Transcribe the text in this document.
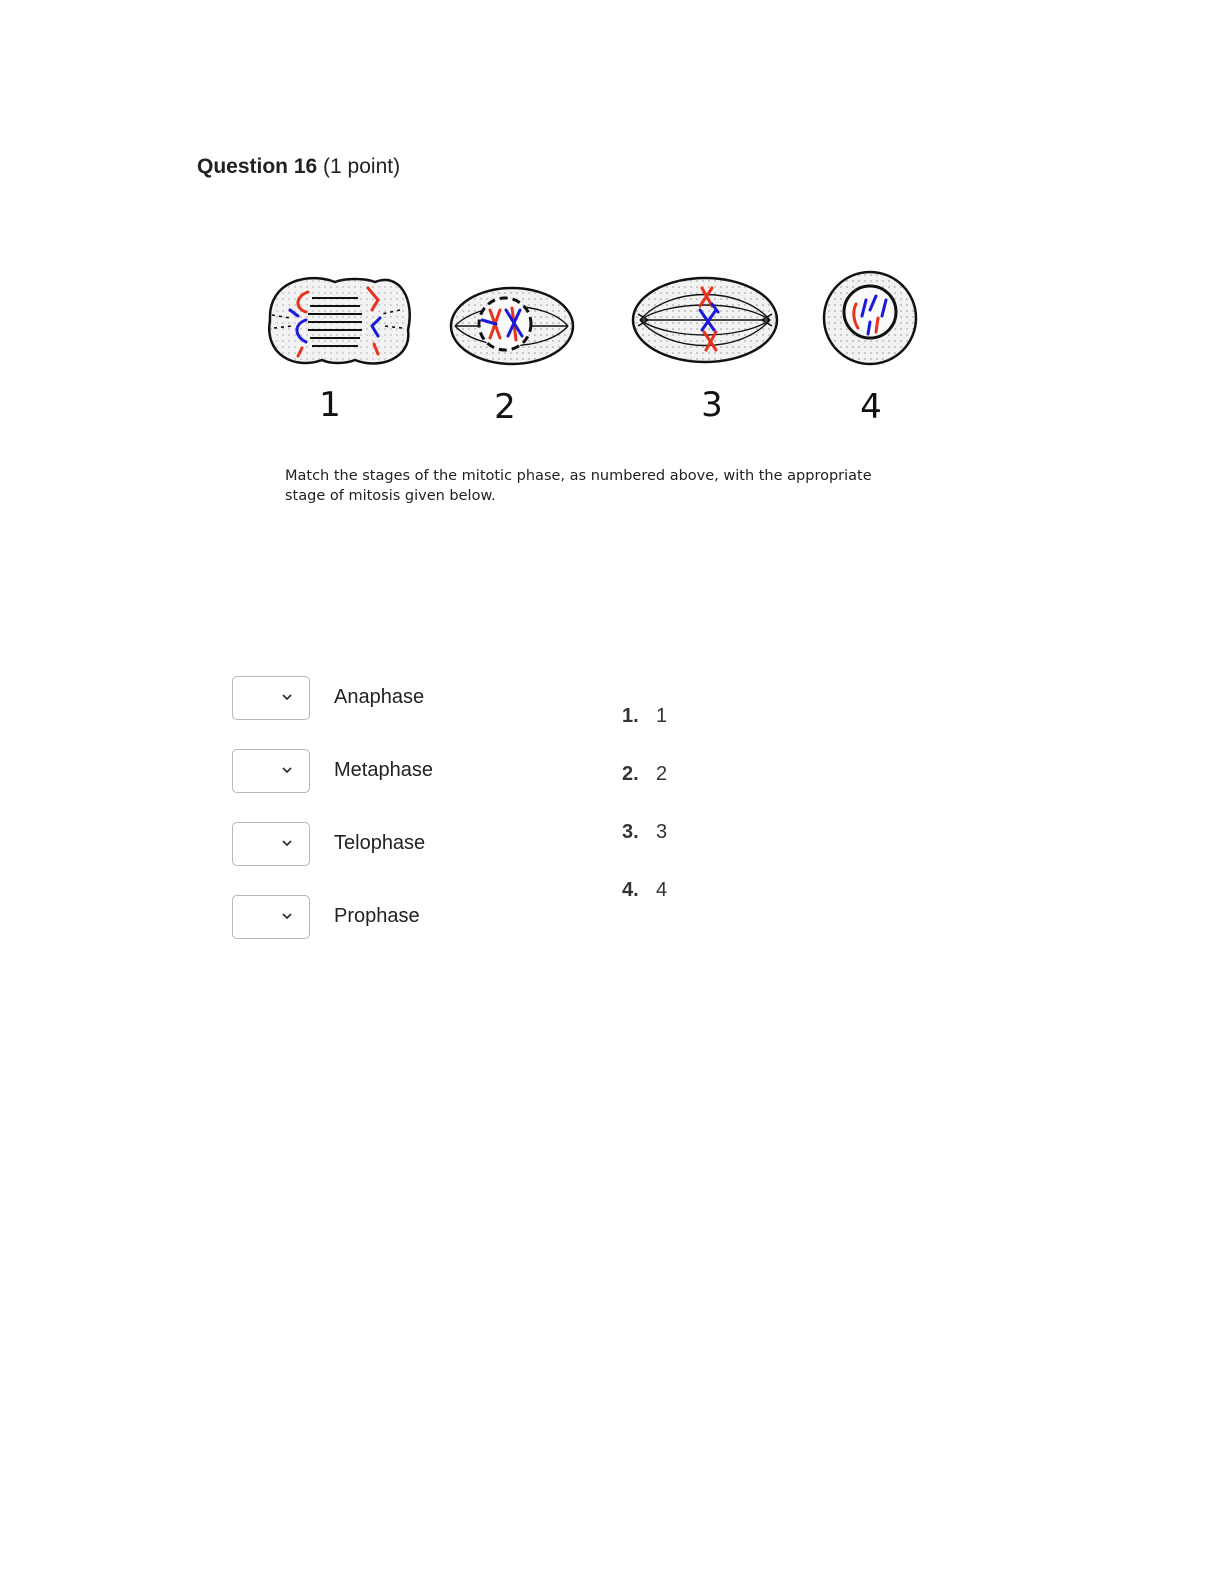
Question 16 (1 point)
1	2	3	4
Match the stages of the mitotic phase, as numbered above, with the appropriate stage of mitosis given below.
Anaphase
Metaphase
Telophase
Prophase
1. 1
2. 2
3. 3
4. 4
